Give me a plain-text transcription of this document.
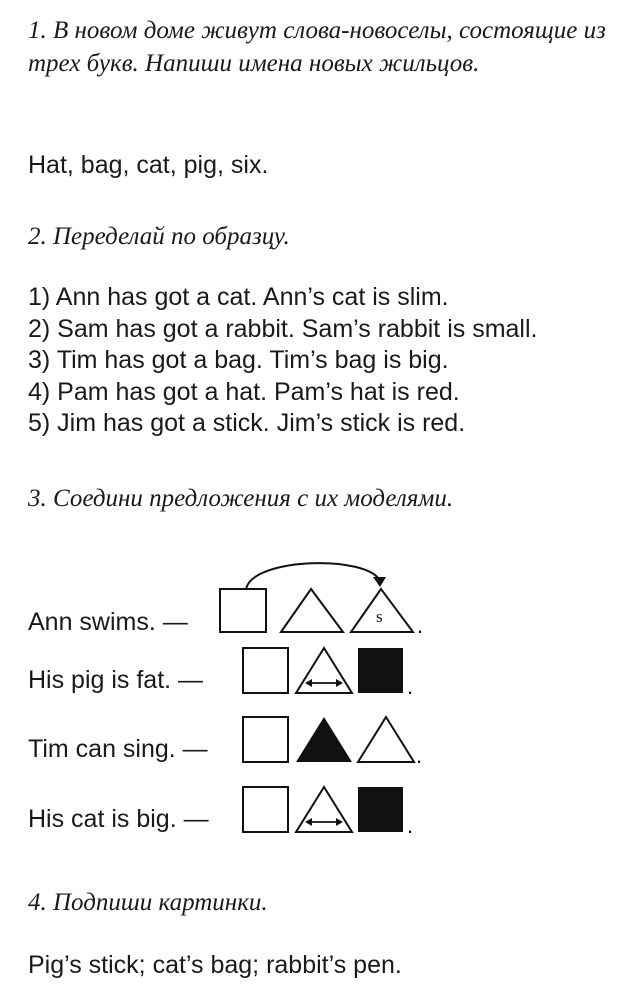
1. В новом доме живут слова-новоселы, состоящие из трех букв. Напиши имена новых жильцов.

Hat, bag, cat, pig, six.

2. Переделай по образцу.

1) Ann has got a cat. Ann’s cat is slim.
2) Sam has got a rabbit. Sam’s rabbit is small.
3) Tim has got a bag. Tim’s bag is big.
4) Pam has got a hat. Pam’s hat is red.
5) Jim has got a stick. Jim’s stick is red.

3. Соедини предложения с их моделями.

Ann swims. —	s .
His pig is fat. —	.
Tim can sing. —	.
His cat is big. —	.

4. Подпиши картинки.

Pig’s stick; cat’s bag; rabbit’s pen.
